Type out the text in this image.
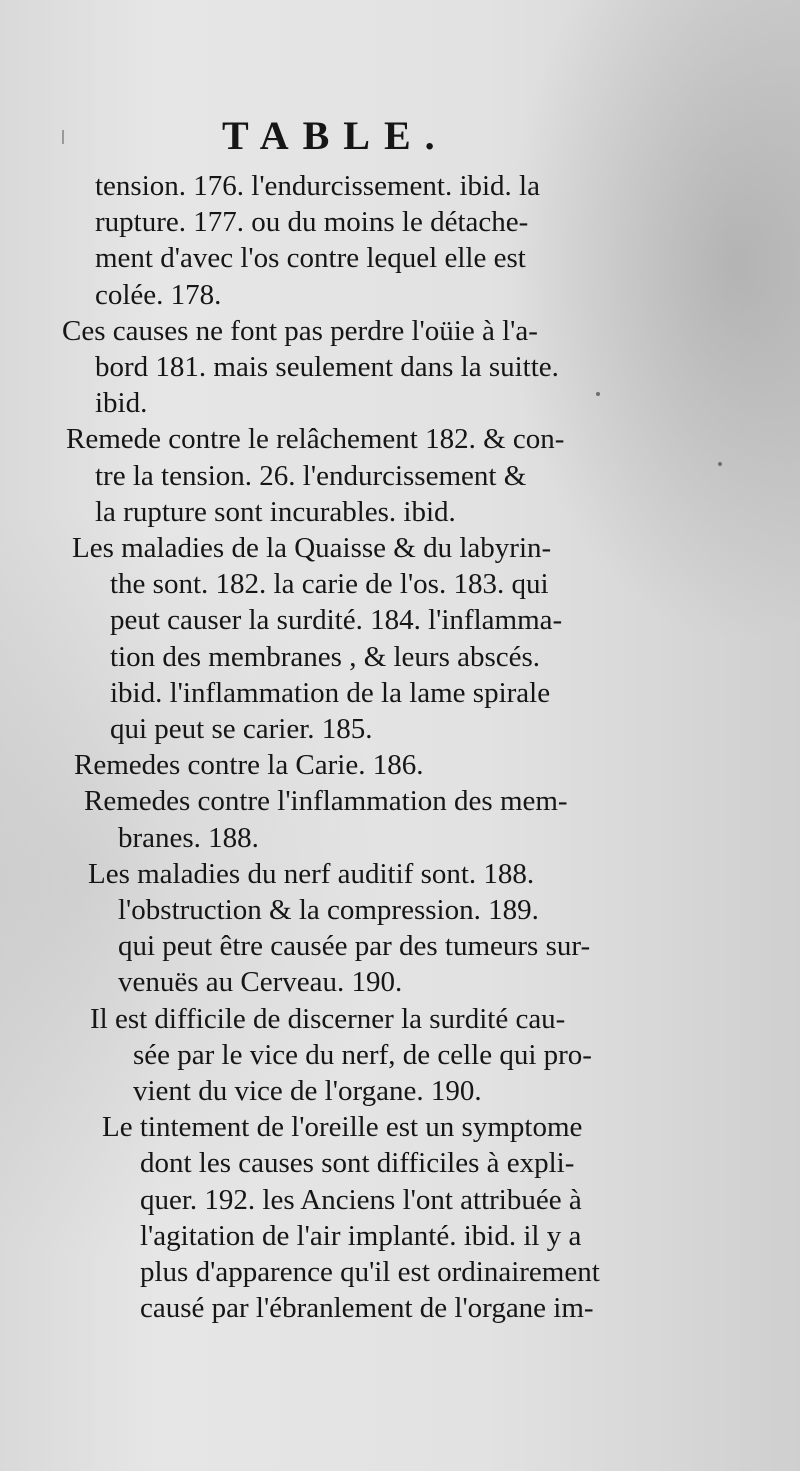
TABLE.
tension. 176. l'endurcissement. ibid. la
rupture. 177. ou du moins le détache-
ment d'avec l'os contre lequel elle est
colée. 178.
Ces causes ne font pas perdre l'oüie à l'a-
bord 181. mais seulement dans la suitte.
ibid.
Remede contre le relâchement 182. & con-
tre la tension. 26. l'endurcissement &
la rupture sont incurables. ibid.
Les maladies de la Quaisse & du labyrin-
the sont. 182. la carie de l'os. 183. qui
peut causer la surdité. 184. l'inflamma-
tion des membranes , & leurs abscés.
ibid. l'inflammation de la lame spirale
qui peut se carier. 185.
Remedes contre la Carie. 186.
Remedes contre l'inflammation des mem-
branes. 188.
Les maladies du nerf auditif sont. 188.
l'obstruction & la compression. 189.
qui peut être causée par des tumeurs sur-
venuës au Cerveau. 190.
Il est difficile de discerner la surdité cau-
sée par le vice du nerf, de celle qui pro-
vient du vice de l'organe. 190.
Le tintement de l'oreille est un symptome
dont les causes sont difficiles à expli-
quer. 192. les Anciens l'ont attribuée à
l'agitation de l'air implanté. ibid. il y a
plus d'apparence qu'il est ordinairement
causé par l'ébranlement de l'organe im-
